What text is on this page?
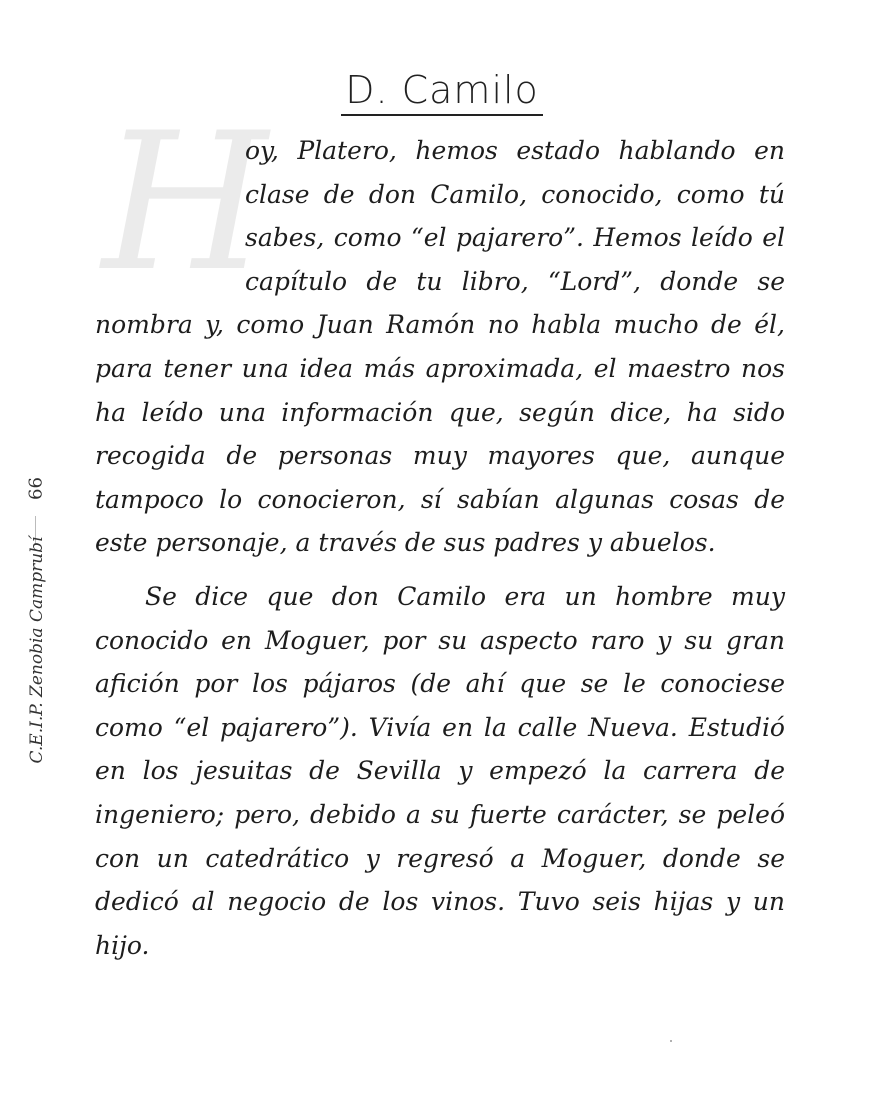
D. Camilo
H

oy, Platero, hemos estado hablando en clase de don Camilo, conocido, como tú sabes, como “el pajarero”. Hemos leído el capítulo de tu libro, “Lord”, donde se nombra y, como Juan Ramón no habla mucho de él, para tener una idea más aproximada, el maestro nos ha leído una información que, según dice, ha sido recogida de personas muy mayores que, aunque tampoco lo conocieron, sí sabían algunas cosas de este personaje, a través de sus padres y abuelos.

Se dice que don Camilo era un hombre muy conocido en Moguer, por su aspecto raro y su gran afición por los pájaros (de ahí que se le conociese como “el pajarero”). Vivía en la calle Nueva. Estudió en los jesuitas de Sevilla y empezó la carrera de ingeniero; pero, debido a su fuerte carácter, se peleó con un catedrático y regresó a Moguer, donde se dedicó al negocio de los vinos. Tuvo seis hijas y un hijo.

66
C.E.I.P. Zenobia Camprubí
